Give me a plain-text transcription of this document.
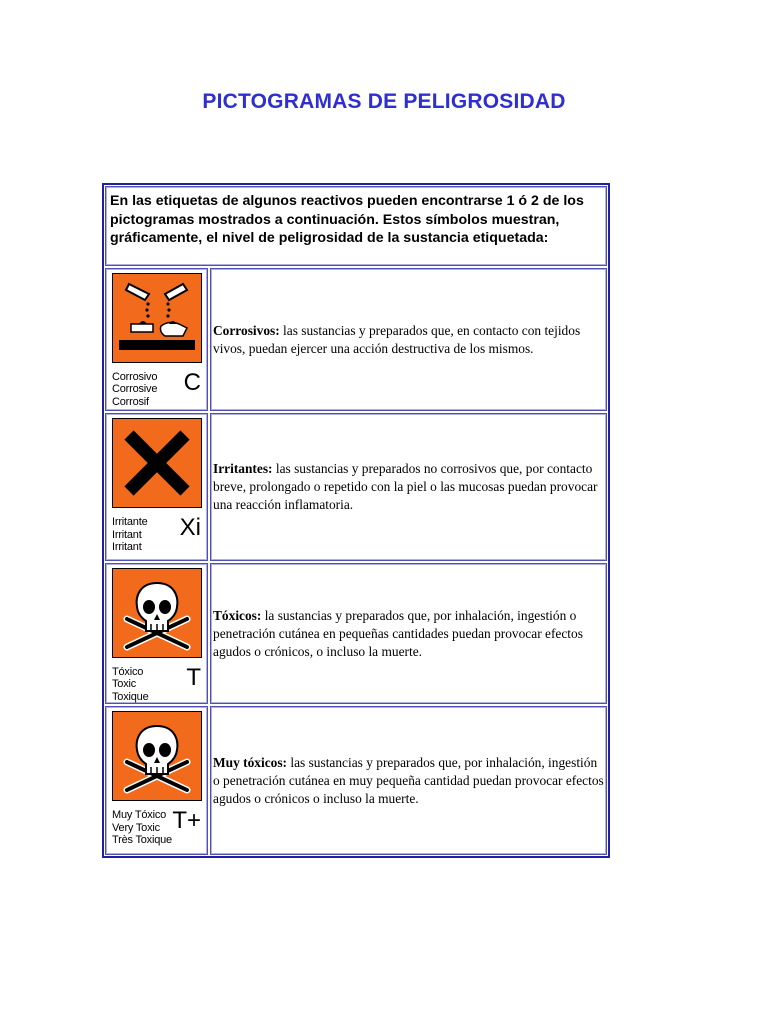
PICTOGRAMAS DE PELIGROSIDAD
En las etiquetas de algunos reactivos pueden encontrarse 1 ó 2 de los pictogramas mostrados a continuación. Estos símbolos muestran, gráficamente, el nivel de peligrosidad de la sustancia etiquetada:
Corrosivo
Corrosive
Corrosif
C
Corrosivos: las sustancias y preparados que, en contacto con tejidos vivos, puedan ejercer una acción destructiva de los mismos.
Irritante
Irritant
Irritant
Xi
Irritantes: las sustancias y preparados no corrosivos que, por contacto breve, prolongado o repetido con la piel o las mucosas puedan provocar una reacción inflamatoria.
Tóxico
Toxic
Toxique
T
Tóxicos: la sustancias y preparados que, por inhalación, ingestión o penetración cutánea en pequeñas cantidades puedan provocar efectos agudos o crónicos, o incluso la muerte.
Muy Tóxico
Very Toxic
Très Toxique
T+
Muy tóxicos: las sustancias y preparados que, por inhalación, ingestión o penetración cutánea en muy pequeña cantidad puedan provocar efectos agudos o crónicos o incluso la muerte.
